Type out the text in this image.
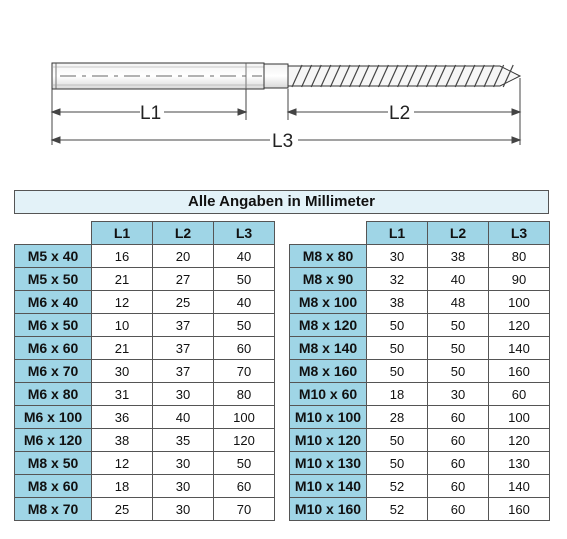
L1	L2
L3
Alle Angaben in Millimeter
	L1	L2	L3
M5 x 40	16	20	40
M5 x 50	21	27	50
M6 x 40	12	25	40
M6 x 50	10	37	50
M6 x 60	21	37	60
M6 x 70	30	37	70
M6 x 80	31	30	80
M6 x 100	36	40	100
M6 x 120	38	35	120
M8 x 50	12	30	50
M8 x 60	18	30	60
M8 x 70	25	30	70
	L1	L2	L3
M8 x 80	30	38	80
M8 x 90	32	40	90
M8 x 100	38	48	100
M8 x 120	50	50	120
M8 x 140	50	50	140
M8 x 160	50	50	160
M10 x 60	18	30	60
M10 x 100	28	60	100
M10 x 120	50	60	120
M10 x 130	50	60	130
M10 x 140	52	60	140
M10 x 160	52	60	160
